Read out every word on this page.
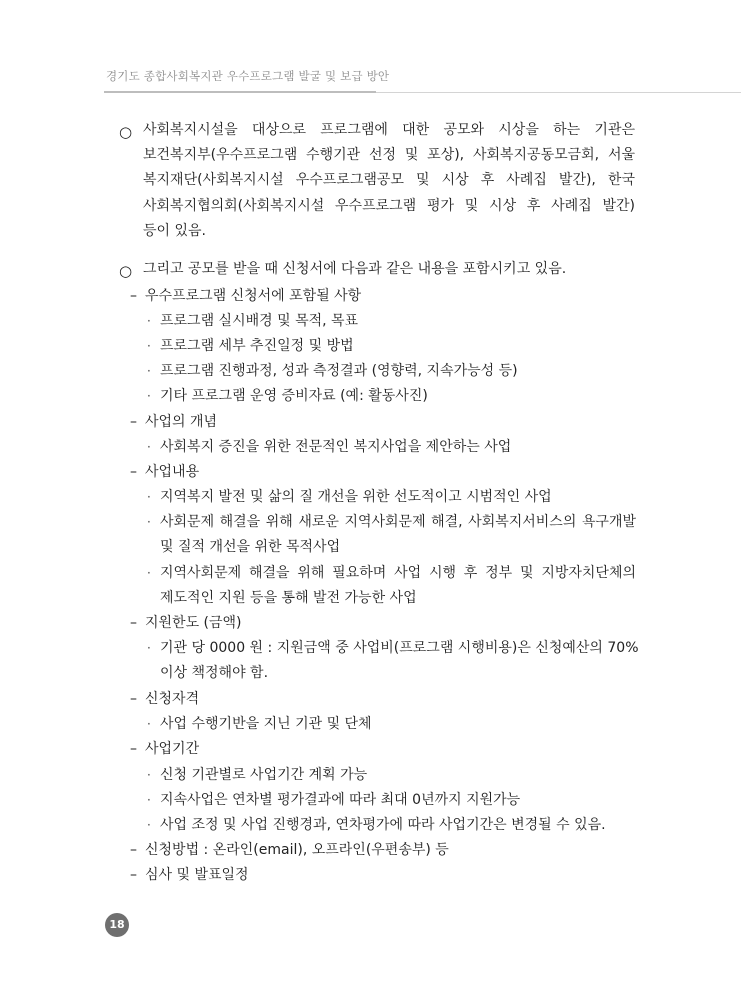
경기도 종합사회복지관 우수프로그램 발굴 및 보급 방안
○ 사회복지시설을 대상으로 프로그램에 대한 공모와 시상을 하는 기관은
보건복지부(우수프로그램 수행기관 선정 및 포상), 사회복지공동모금회, 서울
복지재단(사회복지시설 우수프로그램공모 및 시상 후 사례집 발간), 한국
사회복지협의회(사회복지시설 우수프로그램 평가 및 시상 후 사례집 발간)
등이 있음.
○ 그리고 공모를 받을 때 신청서에 다음과 같은 내용을 포함시키고 있음.
– 우수프로그램 신청서에 포함될 사항
· 프로그램 실시배경 및 목적, 목표
· 프로그램 세부 추진일정 및 방법
· 프로그램 진행과정, 성과 측정결과 (영향력, 지속가능성 등)
· 기타 프로그램 운영 증비자료 (예: 활동사진)
– 사업의 개념
· 사회복지 증진을 위한 전문적인 복지사업을 제안하는 사업
– 사업내용
· 지역복지 발전 및 삶의 질 개선을 위한 선도적이고 시범적인 사업
· 사회문제 해결을 위해 새로운 지역사회문제 해결, 사회복지서비스의 욕구개발
및 질적 개선을 위한 목적사업
· 지역사회문제 해결을 위해 필요하며 사업 시행 후 정부 및 지방자치단체의
제도적인 지원 등을 통해 발전 가능한 사업
– 지원한도 (금액)
· 기관 당 0000 원 : 지원금액 중 사업비(프로그램 시행비용)은 신청예산의 70%
이상 책정해야 함.
– 신청자격
· 사업 수행기반을 지닌 기관 및 단체
– 사업기간
· 신청 기관별로 사업기간 계획 가능
· 지속사업은 연차별 평가결과에 따라 최대 0년까지 지원가능
· 사업 조정 및 사업 진행경과, 연차평가에 따라 사업기간은 변경될 수 있음.
– 신청방법 : 온라인(email), 오프라인(우편송부) 등
– 심사 및 발표일정
18
